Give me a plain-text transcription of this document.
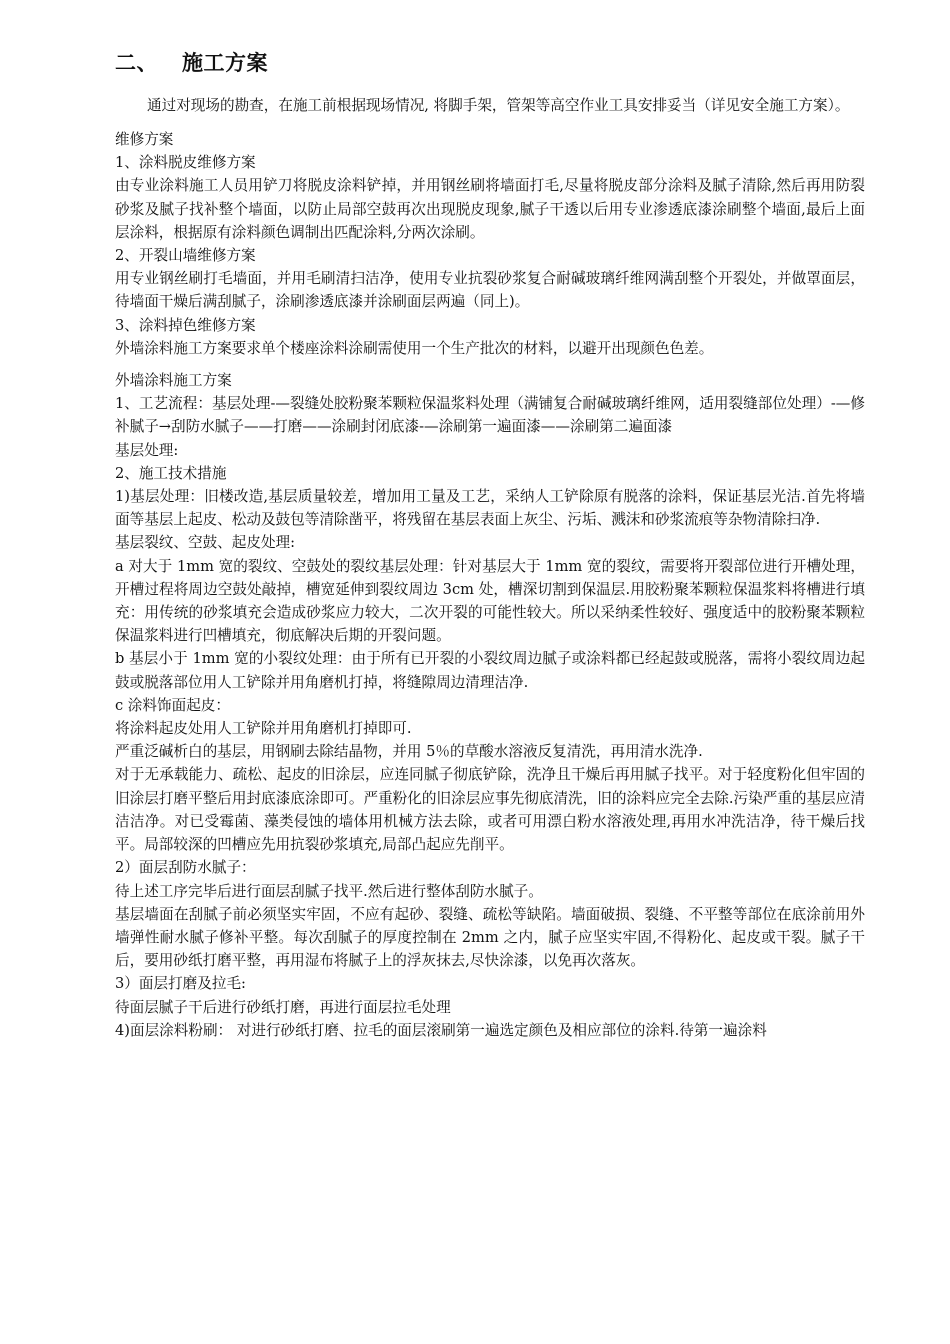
二、 施工方案

通过对现场的勘查，在施工前根据现场情况, 将脚手架，管架等高空作业工具安排妥当（详见安全施工方案）。

维修方案

1、涂料脱皮维修方案

由专业涂料施工人员用铲刀将脱皮涂料铲掉，并用钢丝刷将墙面打毛,尽量将脱皮部分涂料及腻子清除,然后再用防裂砂浆及腻子找补整个墙面，以防止局部空鼓再次出现脱皮现象,腻子干透以后用专业渗透底漆涂刷整个墙面,最后上面层涂料，根据原有涂料颜色调制出匹配涂料,分两次涂刷。

2、开裂山墙维修方案

用专业钢丝刷打毛墙面，并用毛刷清扫洁净，使用专业抗裂砂浆复合耐碱玻璃纤维网满刮整个开裂处，并做罩面层，待墙面干燥后满刮腻子，涂刷渗透底漆并涂刷面层两遍（同上)。

3、涂料掉色维修方案

外墙涂料施工方案要求单个楼座涂料涂刷需使用一个生产批次的材料，以避开出现颜色色差。

外墙涂料施工方案

1、工艺流程：基层处理-—裂缝处胶粉聚苯颗粒保温浆料处理（满铺复合耐碱玻璃纤维网，适用裂缝部位处理）-—修补腻子→刮防水腻子——打磨——涂刷封闭底漆-—涂刷第一遍面漆——涂刷第二遍面漆

基层处理:

2、施工技术措施

1)基层处理：旧楼改造,基层质量较差，增加用工量及工艺，采纳人工铲除原有脱落的涂料，保证基层光洁.首先将墙面等基层上起皮、松动及鼓包等清除凿平，将残留在基层表面上灰尘、污垢、溅沫和砂浆流痕等杂物清除扫净.

基层裂纹、空鼓、起皮处理:

a 对大于 1mm 宽的裂纹、空鼓处的裂纹基层处理：针对基层大于 1mm 宽的裂纹，需要将开裂部位进行开槽处理，开槽过程将周边空鼓处敲掉，槽宽延伸到裂纹周边 3cm 处，槽深切割到保温层.用胶粉聚苯颗粒保温浆料将槽进行填充：用传统的砂浆填充会造成砂浆应力较大，二次开裂的可能性较大。所以采纳柔性较好、强度适中的胶粉聚苯颗粒保温浆料进行凹槽填充，彻底解决后期的开裂问题。

b 基层小于 1mm 宽的小裂纹处理：由于所有已开裂的小裂纹周边腻子或涂料都已经起鼓或脱落，需将小裂纹周边起鼓或脱落部位用人工铲除并用角磨机打掉，将缝隙周边清理洁净.

c 涂料饰面起皮：

将涂料起皮处用人工铲除并用角磨机打掉即可.

严重泛碱析白的基层，用钢刷去除结晶物，并用 5％的草酸水溶液反复清洗，再用清水洗净.

对于无承载能力、疏松、起皮的旧涂层，应连同腻子彻底铲除，洗净且干燥后再用腻子找平。对于轻度粉化但牢固的旧涂层打磨平整后用封底漆底涂即可。严重粉化的旧涂层应事先彻底清洗，旧的涂料应完全去除.污染严重的基层应清洁洁净。对已受霉菌、藻类侵蚀的墙体用机械方法去除，或者可用漂白粉水溶液处理,再用水冲洗洁净，待干燥后找平。局部较深的凹槽应先用抗裂砂浆填充,局部凸起应先削平。

2）面层刮防水腻子：

待上述工序完毕后进行面层刮腻子找平.然后进行整体刮防水腻子。

基层墙面在刮腻子前必须坚实牢固，不应有起砂、裂缝、疏松等缺陷。墙面破损、裂缝、不平整等部位在底涂前用外墙弹性耐水腻子修补平整。每次刮腻子的厚度控制在 2mm 之内，腻子应坚实牢固,不得粉化、起皮或干裂。腻子干后，要用砂纸打磨平整，再用湿布将腻子上的浮灰抹去,尽快涂漆，以免再次落灰。

3）面层打磨及拉毛:

待面层腻子干后进行砂纸打磨，再进行面层拉毛处理

4)面层涂料粉刷： 对进行砂纸打磨、拉毛的面层滚刷第一遍选定颜色及相应部位的涂料.待第一遍涂料
